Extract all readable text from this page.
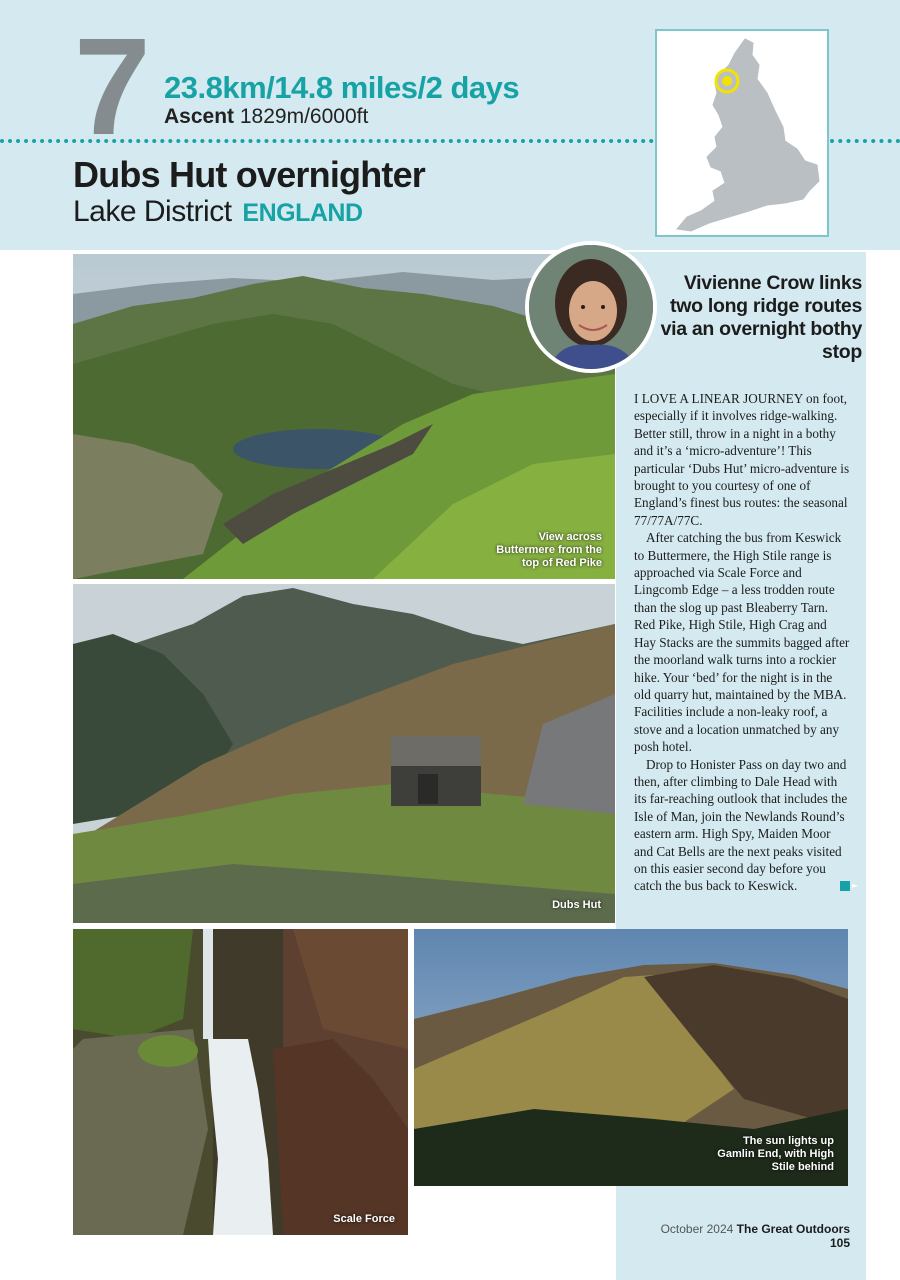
7 23.8km/14.8 miles/2 days
Ascent 1829m/6000ft
Dubs Hut overnighter
Lake District ENGLAND
View across Buttermere from the top of Red Pike
Vivienne Crow links two long ridge routes via an overnight bothy stop

I LOVE A LINEAR JOURNEY on foot, especially if it involves ridge-walking. Better still, throw in a night in a bothy and it’s a ‘micro-adventure’! This particular ‘Dubs Hut’ micro-adventure is brought to you courtesy of one of England’s finest bus routes: the seasonal 77/77A/77C.

After catching the bus from Keswick to Buttermere, the High Stile range is approached via Scale Force and Lingcomb Edge – a less trodden route than the slog up past Bleaberry Tarn. Red Pike, High Stile, High Crag and Hay Stacks are the summits bagged after the moorland walk turns into a rockier hike. Your ‘bed’ for the night is in the old quarry hut, maintained by the MBA. Facilities include a non-leaky roof, a stove and a location unmatched by any posh hotel.

Drop to Honister Pass on day two and then, after climbing to Dale Head with its far-reaching outlook that includes the Isle of Man, join the Newlands Round’s eastern arm. High Spy, Maiden Moor and Cat Bells are the next peaks visited on this easier second day before you catch the bus back to Keswick.	►

Dubs Hut
Scale Force
The sun lights up Gamlin End, with High Stile behind
October 2024 The Great Outdoors 105
